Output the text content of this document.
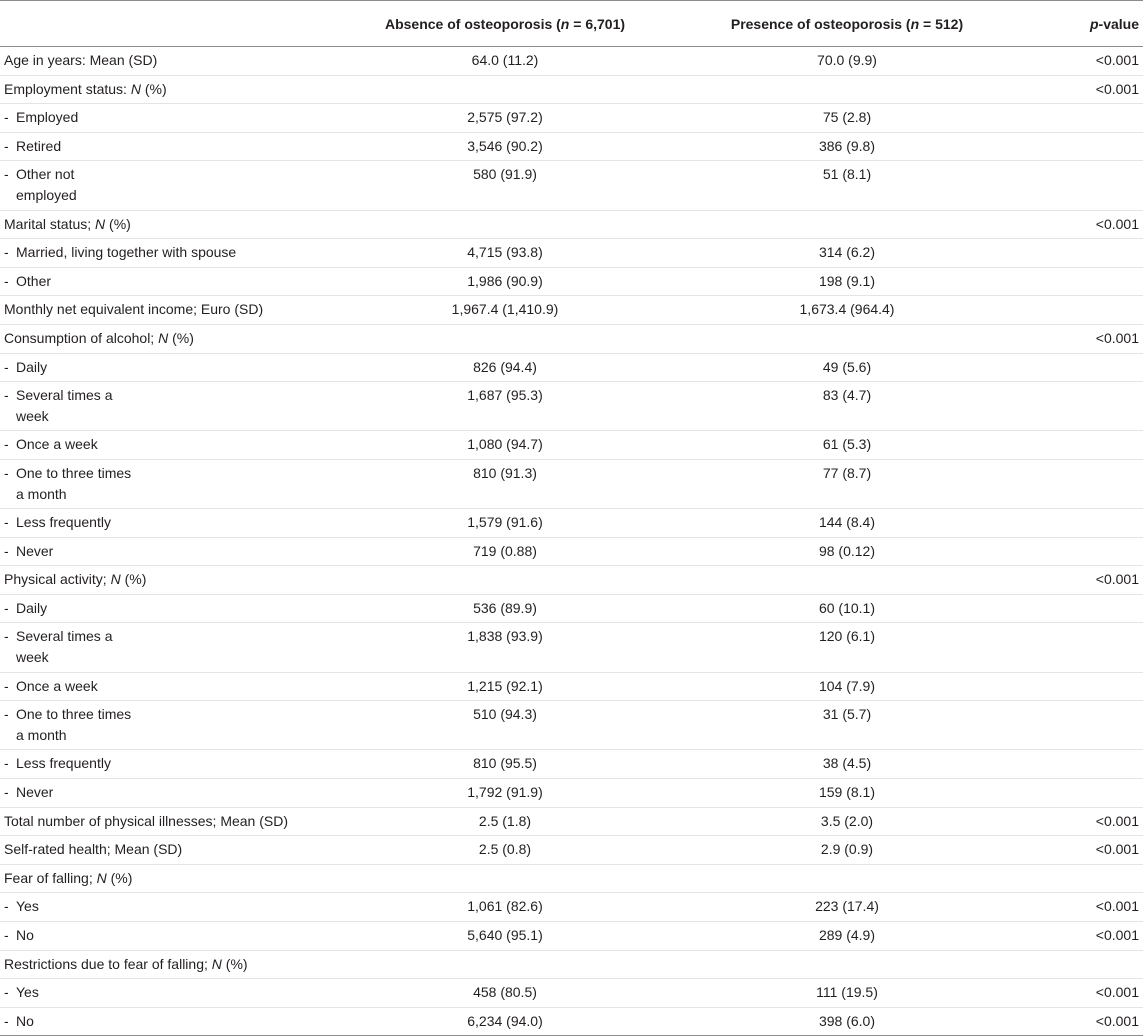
	Absence of osteoporosis (n = 6,701)	Presence of osteoporosis (n = 512)	p-value
Age in years: Mean (SD)	64.0 (11.2)	70.0 (9.9)	<0.001
Employment status: N (%)			<0.001
- Employed	2,575 (97.2)	75 (2.8)	
- Retired	3,546 (90.2)	386 (9.8)	
- Other not
employed	580 (91.9)	51 (8.1)	
Marital status; N (%)			<0.001
- Married, living together with spouse	4,715 (93.8)	314 (6.2)	
- Other	1,986 (90.9)	198 (9.1)	
Monthly net equivalent income; Euro (SD)	1,967.4 (1,410.9)	1,673.4 (964.4)	
Consumption of alcohol; N (%)			<0.001
- Daily	826 (94.4)	49 (5.6)	
- Several times a
week	1,687 (95.3)	83 (4.7)	
- Once a week	1,080 (94.7)	61 (5.3)	
- One to three times
a month	810 (91.3)	77 (8.7)	
- Less frequently	1,579 (91.6)	144 (8.4)	
- Never	719 (0.88)	98 (0.12)	
Physical activity; N (%)			<0.001
- Daily	536 (89.9)	60 (10.1)	
- Several times a
week	1,838 (93.9)	120 (6.1)	
- Once a week	1,215 (92.1)	104 (7.9)	
- One to three times
a month	510 (94.3)	31 (5.7)	
- Less frequently	810 (95.5)	38 (4.5)	
- Never	1,792 (91.9)	159 (8.1)	
Total number of physical illnesses; Mean (SD)	2.5 (1.8)	3.5 (2.0)	<0.001
Self-rated health; Mean (SD)	2.5 (0.8)	2.9 (0.9)	<0.001
Fear of falling; N (%)			
- Yes	1,061 (82.6)	223 (17.4)	<0.001
- No	5,640 (95.1)	289 (4.9)	<0.001
Restrictions due to fear of falling; N (%)			
- Yes	458 (80.5)	111 (19.5)	<0.001
- No	6,234 (94.0)	398 (6.0)	<0.001
